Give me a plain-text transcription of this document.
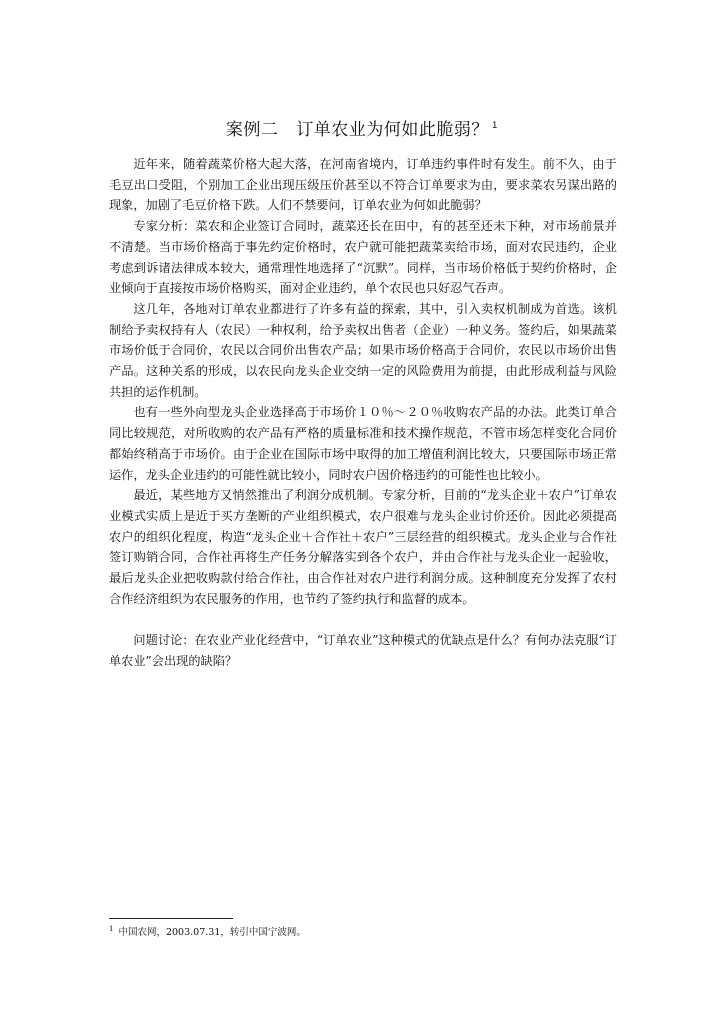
案例二 订单农业为何如此脆弱？ $^1$

近年来，随着蔬菜价格大起大落，在河南省境内，订单违约事件时有发生。前不久，由于毛豆出口受阻，个别加工企业出现压级压价甚至以不符合订单要求为由，要求菜农另谋出路的现象，加剧了毛豆价格下跌。人们不禁要问，订单农业为何如此脆弱？

专家分析：菜农和企业签订合同时，蔬菜还长在田中，有的甚至还未下种，对市场前景并不清楚。当市场价格高于事先约定价格时，农户就可能把蔬菜卖给市场，面对农民违约，企业考虑到诉诸法律成本较大，通常理性地选择了“沉默”。同样，当市场价格低于契约价格时，企业倾向于直接按市场价格购买，面对企业违约，单个农民也只好忍气吞声。

这几年，各地对订单农业都进行了许多有益的探索，其中，引入卖权机制成为首选。该机制给予卖权持有人（农民）一种权利，给予卖权出售者（企业）一种义务。签约后，如果蔬菜市场价低于合同价，农民以合同价出售农产品；如果市场价格高于合同价，农民以市场价出售产品。这种关系的形成，以农民向龙头企业交纳一定的风险费用为前提，由此形成利益与风险共担的运作机制。

也有一些外向型龙头企业选择高于市场价１０％～２０％收购农产品的办法。此类订单合同比较规范，对所收购的农产品有严格的质量标准和技术操作规范，不管市场怎样变化合同价都始终稍高于市场价。由于企业在国际市场中取得的加工增值利润比较大，只要国际市场正常运作，龙头企业违约的可能性就比较小，同时农户因价格违约的可能性也比较小。

最近，某些地方又悄然推出了利润分成机制。专家分析，目前的“龙头企业＋农户”订单农业模式实质上是近于买方垄断的产业组织模式，农户很难与龙头企业讨价还价。因此必须提高农户的组织化程度，构造“龙头企业＋合作社＋农户”三层经营的组织模式。龙头企业与合作社签订购销合同，合作社再将生产任务分解落实到各个农户，并由合作社与龙头企业一起验收，最后龙头企业把收购款付给合作社，由合作社对农户进行利润分成。这种制度充分发挥了农村合作经济组织为农民服务的作用，也节约了签约执行和监督的成本。

问题讨论：在农业产业化经营中，“订单农业”这种模式的优缺点是什么？有何办法克服“订单农业”会出现的缺陷？

$^1$ 中国农网，2003.07.31，转引中国宁波网。
